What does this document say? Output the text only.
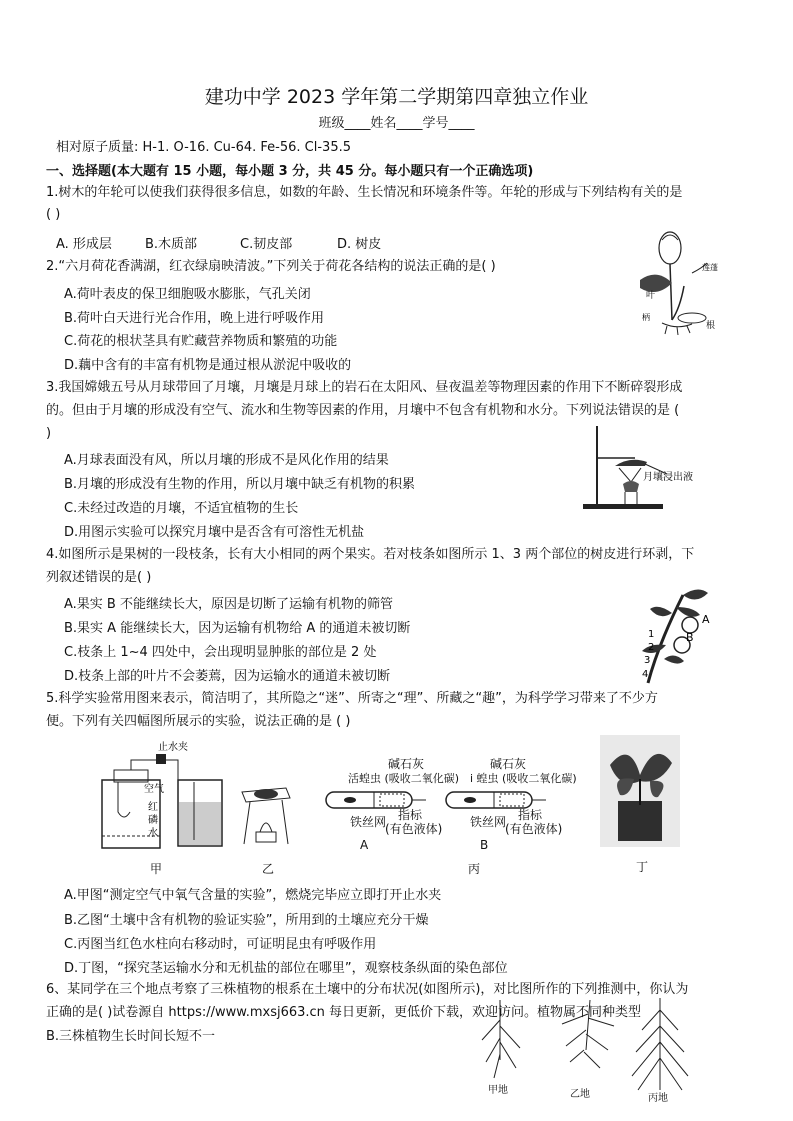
建功中学 2023 学年第二学期第四章独立作业
班级____姓名____学号____
相对原子质量: H-1. O-16. Cu-64. Fe-56. Cl-35.5
一、选择题(本大题有 15 小题，每小题 3 分，共 45 分。每小题只有一个正确选项)
1.树木的年轮可以使我们获得很多信息，如数的年龄、生长情况和环境条件等。年轮的形成与下列结构有关的是
( )
A. 形成层	B.木质部	C.韧皮部	D. 树皮
2.“六月荷花香满湖，红衣绿扇映清波。”下列关于荷花各结构的说法正确的是( )
A.荷叶表皮的保卫细胞吸水膨胀，气孔关闭
B.荷叶白天进行光合作用，晚上进行呼吸作用
C.荷花的根状茎具有贮藏营养物质和繁殖的功能
D.藕中含有的丰富有机物是通过根从淤泥中吸收的
莲蓬
叶
柄
根
3.我国嫦娥五号从月球带回了月壤，月壤是月球上的岩石在太阳风、昼夜温差等物理因素的作用下不断碎裂形成
的。但由于月壤的形成没有空气、流水和生物等因素的作用，月壤中不包含有机物和水分。下列说法错误的是 (
)
A.月球表面没有风，所以月壤的形成不是风化作用的结果
B.月壤的形成没有生物的作用，所以月壤中缺乏有机物的积累
C.未经过改造的月壤，不适宜植物的生长
D.用图示实验可以探究月壤中是否含有可溶性无机盐
月壤浸出液
4.如图所示是果树的一段枝条，长有大小相同的两个果实。若对枝条如图所示 1、3 两个部位的树皮进行环剥，下
列叙述错误的是( )
A.果实 B 不能继续长大，原因是切断了运输有机物的筛管
B.果实 A 能继续长大，因为运输有机物给 A 的通道未被切断
C.枝条上 1~4 四处中，会出现明显肿胀的部位是 2 处
D.枝条上部的叶片不会萎蔫，因为运输水的通道未被切断
A
B
1
2
3
4
5.科学实验常用图来表示，简洁明了，其所隐之“迷”、所寄之“理”、所藏之“趣”，为科学学习带来了不少方
便。下列有关四幅图所展示的实验，说法正确的是 ( )
止水夹
空气
红
磷
水
甲	乙
碱石灰
活蝗虫 (吸收二氧化碳)
碱石灰
i 蝗虫 (吸收二氧化碳)
指标
(有色液体)
铁丝网	指标
(有色液体)
铁丝网
A	B
丙	丁
A.甲图“测定空气中氧气含量的实验”，燃烧完毕应立即打开止水夹
B.乙图“土壤中含有机物的验证实验”，所用到的土壤应充分干燥
C.丙图当红色水柱向右移动时，可证明昆虫有呼吸作用
D.丁图，“探究茎运输水分和无机盐的部位在哪里”，观察枝条纵面的染色部位
6、某同学在三个地点考察了三株植物的根系在土壤中的分布状况(如图所示)，对比图所作的下列推测中，你认为
正确的是( )试卷源自 https://www.mxsj663.cn 每日更新，更低价下载，欢迎访问。植物属不同种类型
B.三株植物生长时间长短不一
甲地	乙地	丙地
